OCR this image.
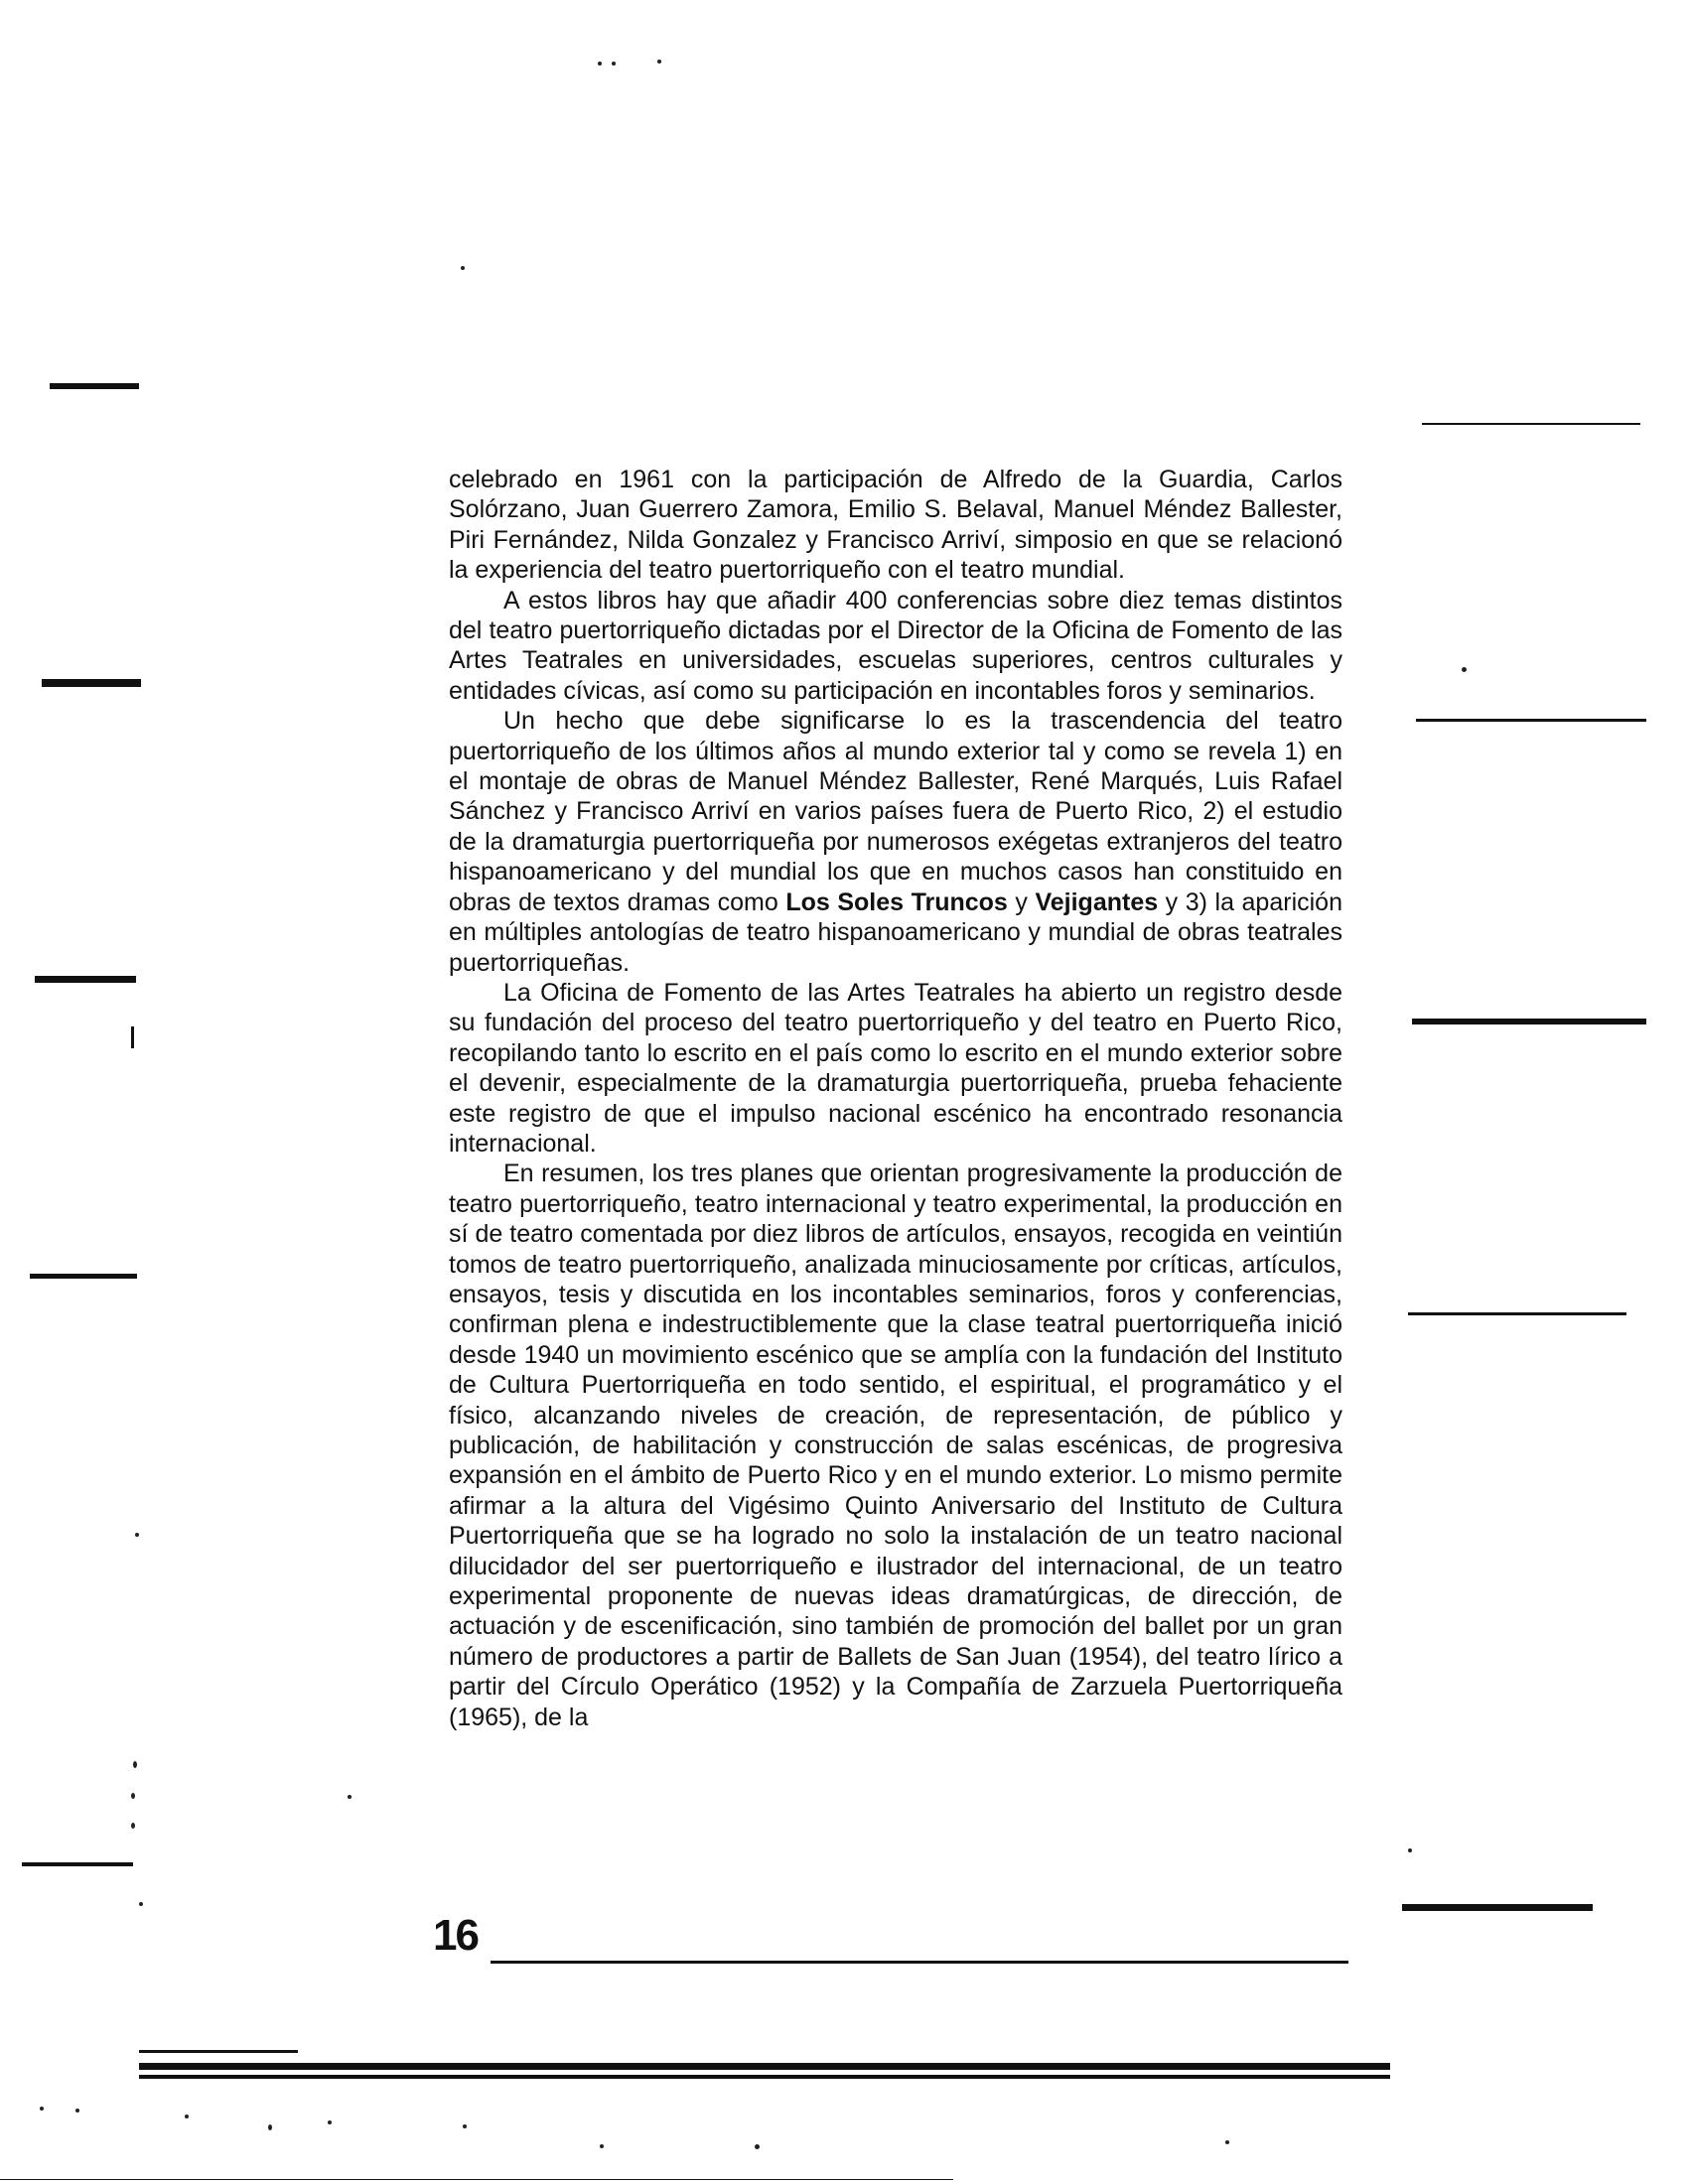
celebrado en 1961 con la participación de Alfredo de la Guardia, Carlos Solórzano, Juan Guerrero Zamora, Emilio S. Belaval, Manuel Méndez Ballester, Piri Fernández, Nilda Gonzalez y Francisco Arriví, simposio en que se relacionó la experiencia del teatro puertorriqueño con el teatro mundial.

A estos libros hay que añadir 400 conferencias sobre diez temas distintos del teatro puertorriqueño dictadas por el Director de la Oficina de Fomento de las Artes Teatrales en universidades, escuelas superiores, centros culturales y entidades cívicas, así como su participación en incontables foros y seminarios.

Un hecho que debe significarse lo es la trascendencia del teatro puertorriqueño de los últimos años al mundo exterior tal y como se revela 1) en el montaje de obras de Manuel Méndez Ballester, René Marqués, Luis Rafael Sánchez y Francisco Arriví en varios países fuera de Puerto Rico, 2) el estudio de la dramaturgia puertorriqueña por numerosos exégetas extranjeros del teatro hispanoamericano y del mundial los que en muchos casos han constituido en obras de textos dramas como Los Soles Truncos y Vejigantes y 3) la aparición en múltiples antologías de teatro hispanoamericano y mundial de obras teatrales puertorriqueñas.

La Oficina de Fomento de las Artes Teatrales ha abierto un registro desde su fundación del proceso del teatro puertorriqueño y del teatro en Puerto Rico, recopilando tanto lo escrito en el país como lo escrito en el mundo exterior sobre el devenir, especialmente de la dramaturgia puertorriqueña, prueba fehaciente este registro de que el impulso nacional escénico ha encontrado resonancia internacional.

En resumen, los tres planes que orientan progresivamente la producción de teatro puertorriqueño, teatro internacional y teatro experimental, la producción en sí de teatro comentada por diez libros de artículos, ensayos, recogida en veintiún tomos de teatro puertorriqueño, analizada minuciosamente por críticas, artículos, ensayos, tesis y discutida en los incontables seminarios, foros y conferencias, confirman plena e indestructiblemente que la clase teatral puertorriqueña inició desde 1940 un movimiento escénico que se amplía con la fundación del Instituto de Cultura Puertorriqueña en todo sentido, el espiritual, el programático y el físico, alcanzando niveles de creación, de representación, de público y publicación, de habilitación y construcción de salas escénicas, de progresiva expansión en el ámbito de Puerto Rico y en el mundo exterior. Lo mismo permite afirmar a la altura del Vigésimo Quinto Aniversario del Instituto de Cultura Puertorriqueña que se ha logrado no solo la instalación de un teatro nacional dilucidador del ser puertorriqueño e ilustrador del internacional, de un teatro experimental proponente de nuevas ideas dramatúrgicas, de dirección, de actuación y de escenificación, sino también de promoción del ballet por un gran número de productores a partir de Ballets de San Juan (1954), del teatro lírico a partir del Círculo Operático (1952) y la Compañía de Zarzuela Puertorriqueña (1965), de la

16
